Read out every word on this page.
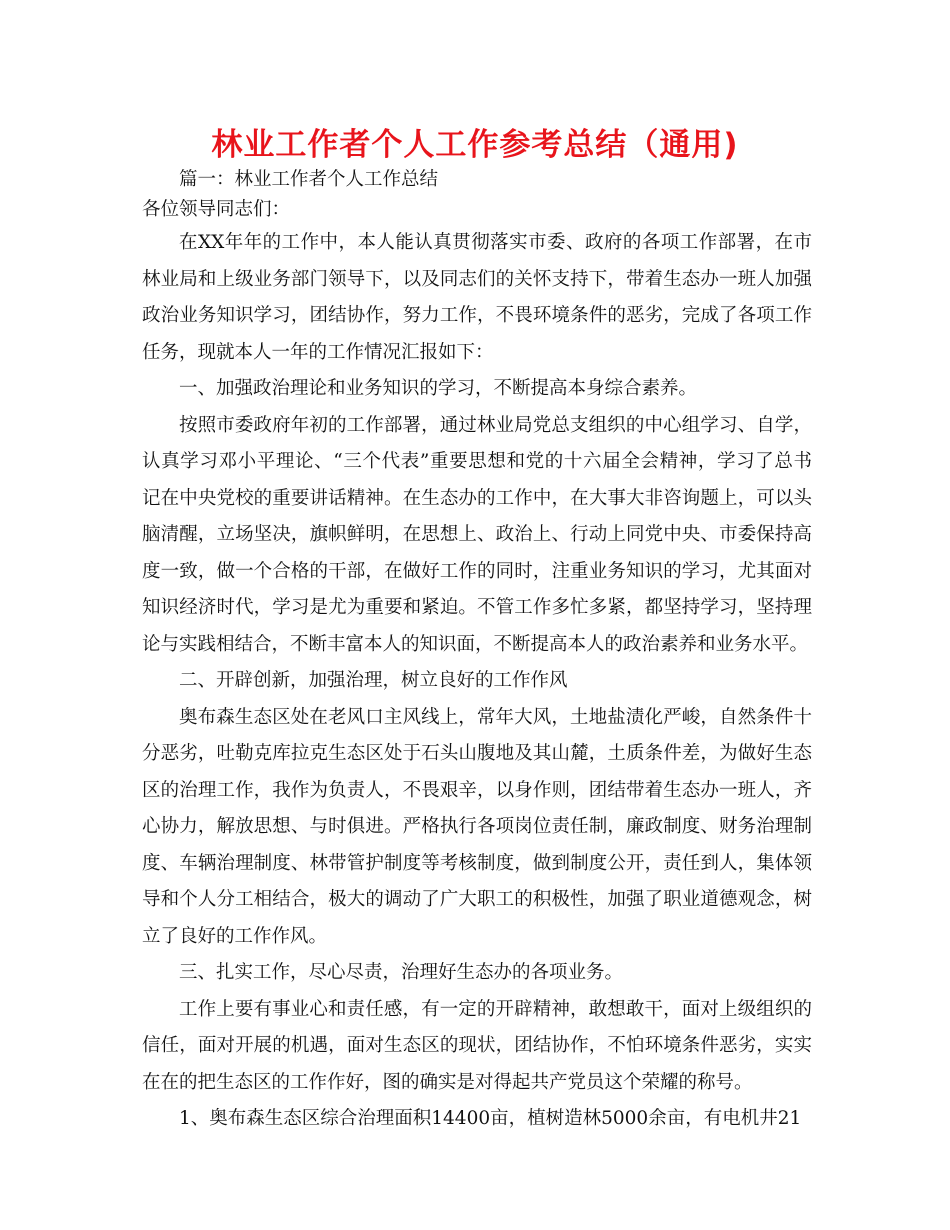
林业工作者个人工作参考总结（通用)
篇一：林业工作者个人工作总结
各位领导同志们：
在XX年年的工作中，本人能认真贯彻落实市委、政府的各项工作部署，在市
林业局和上级业务部门领导下，以及同志们的关怀支持下，带着生态办一班人加强
政治业务知识学习，团结协作，努力工作，不畏环境条件的恶劣，完成了各项工作
任务，现就本人一年的工作情况汇报如下：
一、加强政治理论和业务知识的学习，不断提高本身综合素养。
按照市委政府年初的工作部署，通过林业局党总支组织的中心组学习、自学，
认真学习邓小平理论、“三个代表”重要思想和党的十六届全会精神，学习了总书
记在中央党校的重要讲话精神。在生态办的工作中，在大事大非咨询题上，可以头
脑清醒，立场坚决，旗帜鲜明，在思想上、政治上、行动上同党中央、市委保持高
度一致，做一个合格的干部，在做好工作的同时，注重业务知识的学习，尤其面对
知识经济时代，学习是尤为重要和紧迫。不管工作多忙多紧，都坚持学习，坚持理
论与实践相结合，不断丰富本人的知识面，不断提高本人的政治素养和业务水平。
二、开辟创新，加强治理，树立良好的工作作风
奥布森生态区处在老风口主风线上，常年大风，土地盐渍化严峻，自然条件十
分恶劣，吐勒克库拉克生态区处于石头山腹地及其山麓，土质条件差，为做好生态
区的治理工作，我作为负责人，不畏艰辛，以身作则，团结带着生态办一班人，齐
心协力，解放思想、与时俱进。严格执行各项岗位责任制，廉政制度、财务治理制
度、车辆治理制度、林带管护制度等考核制度，做到制度公开，责任到人，集体领
导和个人分工相结合，极大的调动了广大职工的积极性，加强了职业道德观念，树
立了良好的工作作风。
三、扎实工作，尽心尽责，治理好生态办的各项业务。
工作上要有事业心和责任感，有一定的开辟精神，敢想敢干，面对上级组织的
信任，面对开展的机遇，面对生态区的现状，团结协作，不怕环境条件恶劣，实实
在在的把生态区的工作作好，图的确实是对得起共产党员这个荣耀的称号。
1、奥布森生态区综合治理面积14400亩，植树造林5000余亩，有电机井21
